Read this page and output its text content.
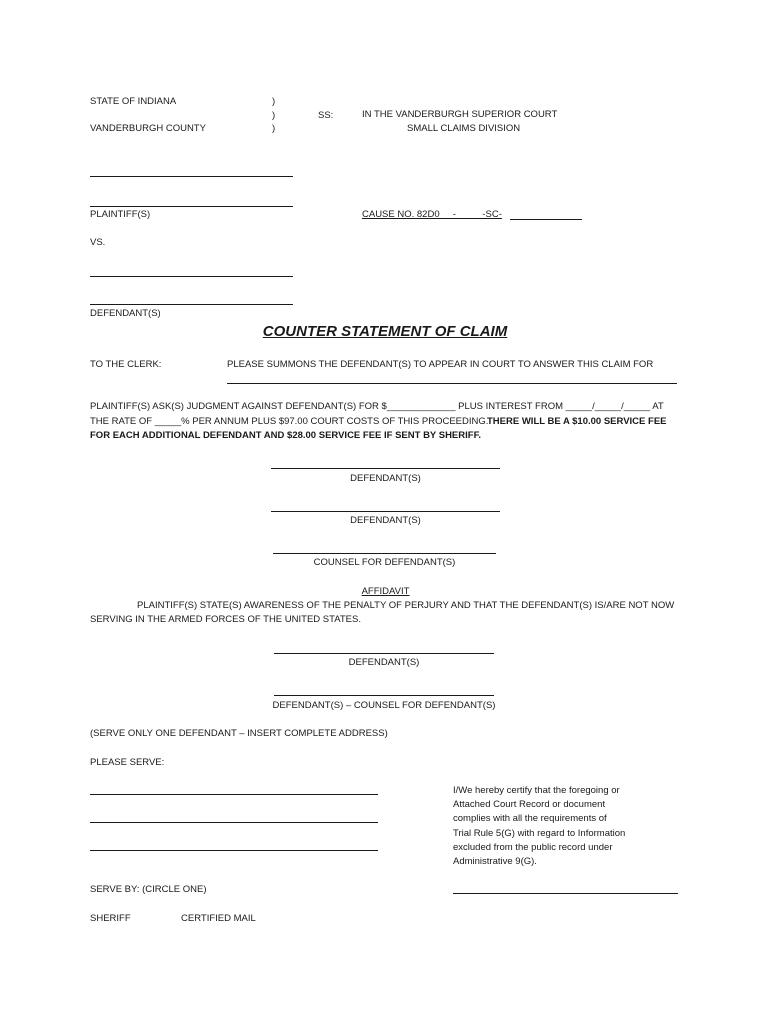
STATE OF INDIANA
VANDERBURGH COUNTY
)
)
)
SS:	IN THE VANDERBURGH SUPERIOR COURT
SMALL CLAIMS DIVISION
PLAINTIFF(S)	CAUSE NO. 82D0     -          -SC-
VS.
DEFENDANT(S)
COUNTER STATEMENT OF CLAIM
TO THE CLERK:	PLEASE SUMMONS THE DEFENDANT(S) TO APPEAR IN COURT TO ANSWER THIS CLAIM FOR
PLAINTIFF(S) ASK(S) JUDGMENT AGAINST DEFENDANT(S) FOR $_____________ PLUS INTEREST FROM _____/_____/_____ AT
THE RATE OF _____% PER ANNUM PLUS $97.00 COURT COSTS OF THIS PROCEEDING.
THERE WILL BE A $10.00 SERVICE FEE
FOR EACH ADDITIONAL DEFENDANT AND $28.00 SERVICE FEE IF SENT BY SHERIFF.
DEFENDANT(S)
DEFENDANT(S)
COUNSEL FOR DEFENDANT(S)
AFFIDAVIT
PLAINTIFF(S) STATE(S) AWARENESS OF THE PENALTY OF PERJURY AND THAT THE DEFENDANT(S) IS/ARE NOT NOW
SERVING IN THE ARMED FORCES OF THE UNITED STATES.
DEFENDANT(S)
DEFENDANT(S) – COUNSEL FOR DEFENDANT(S)
(SERVE ONLY ONE DEFENDANT – INSERT COMPLETE ADDRESS)
PLEASE SERVE:
SERVE BY: (CIRCLE ONE)
SHERIFF	CERTIFIED MAIL
I/We hereby certify that the foregoing or
Attached Court Record or document
complies with all the requirements of
Trial Rule 5(G) with regard to Information
excluded from the public record under
Administrative 9(G).
